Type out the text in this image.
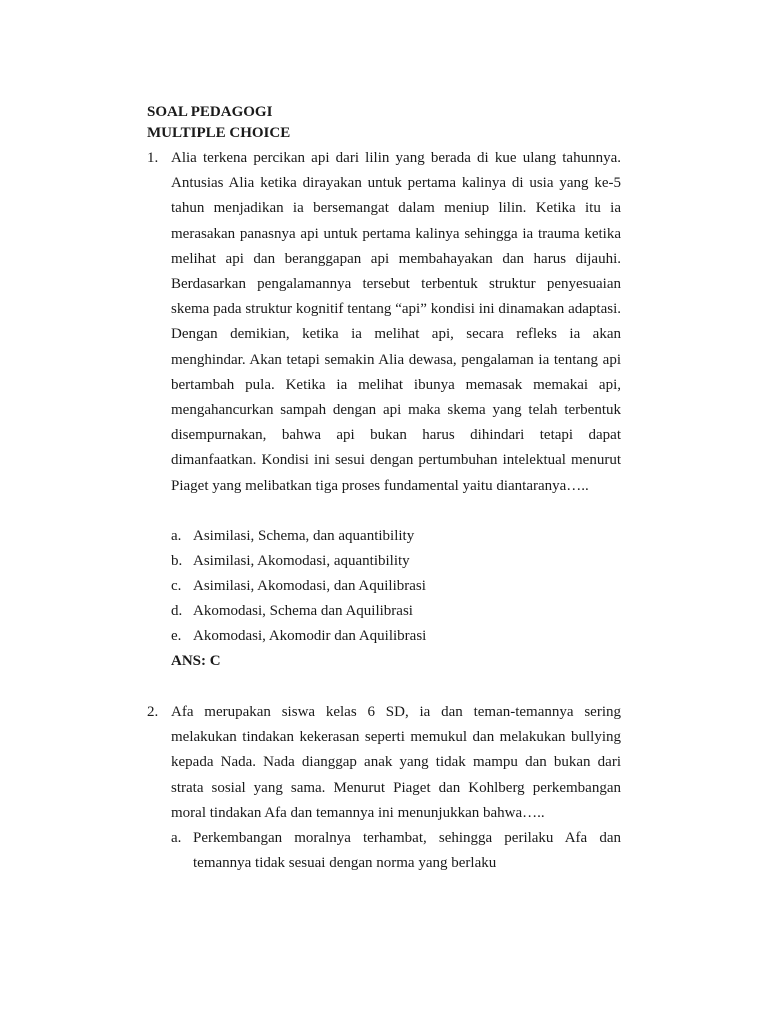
SOAL PEDAGOGI
MULTIPLE CHOICE
1. Alia terkena percikan api dari lilin yang berada di kue ulang tahunnya. Antusias Alia ketika dirayakan untuk pertama kalinya di usia yang ke-5 tahun menjadikan ia bersemangat dalam meniup lilin. Ketika itu ia merasakan panasnya api untuk pertama kalinya sehingga ia trauma ketika melihat api dan beranggapan api membahayakan dan harus dijauhi. Berdasarkan pengalamannya tersebut terbentuk struktur penyesuaian skema pada struktur kognitif tentang “api” kondisi ini dinamakan adaptasi. Dengan demikian, ketika ia melihat api, secara refleks ia akan menghindar. Akan tetapi semakin Alia dewasa, pengalaman ia tentang api bertambah pula. Ketika ia melihat ibunya memasak memakai api, mengahancurkan sampah dengan api maka skema yang telah terbentuk disempurnakan, bahwa api bukan harus dihindari tetapi dapat dimanfaatkan. Kondisi ini sesui dengan pertumbuhan intelektual menurut Piaget yang melibatkan tiga proses fundamental yaitu diantaranya…..

a. Asimilasi, Schema, dan aquantibility
b. Asimilasi, Akomodasi, aquantibility
c. Asimilasi, Akomodasi, dan Aquilibrasi
d. Akomodasi, Schema dan Aquilibrasi
e. Akomodasi, Akomodir dan Aquilibrasi
ANS: C
2. Afa merupakan siswa kelas 6 SD, ia dan teman-temannya sering melakukan tindakan kekerasan seperti memukul dan melakukan bullying kepada Nada. Nada dianggap anak yang tidak mampu dan bukan dari strata sosial yang sama. Menurut Piaget dan Kohlberg perkembangan moral tindakan Afa dan temannya ini menunjukkan bahwa…..

a. Perkembangan moralnya terhambat, sehingga perilaku Afa dan temannya tidak sesuai dengan norma yang berlaku
